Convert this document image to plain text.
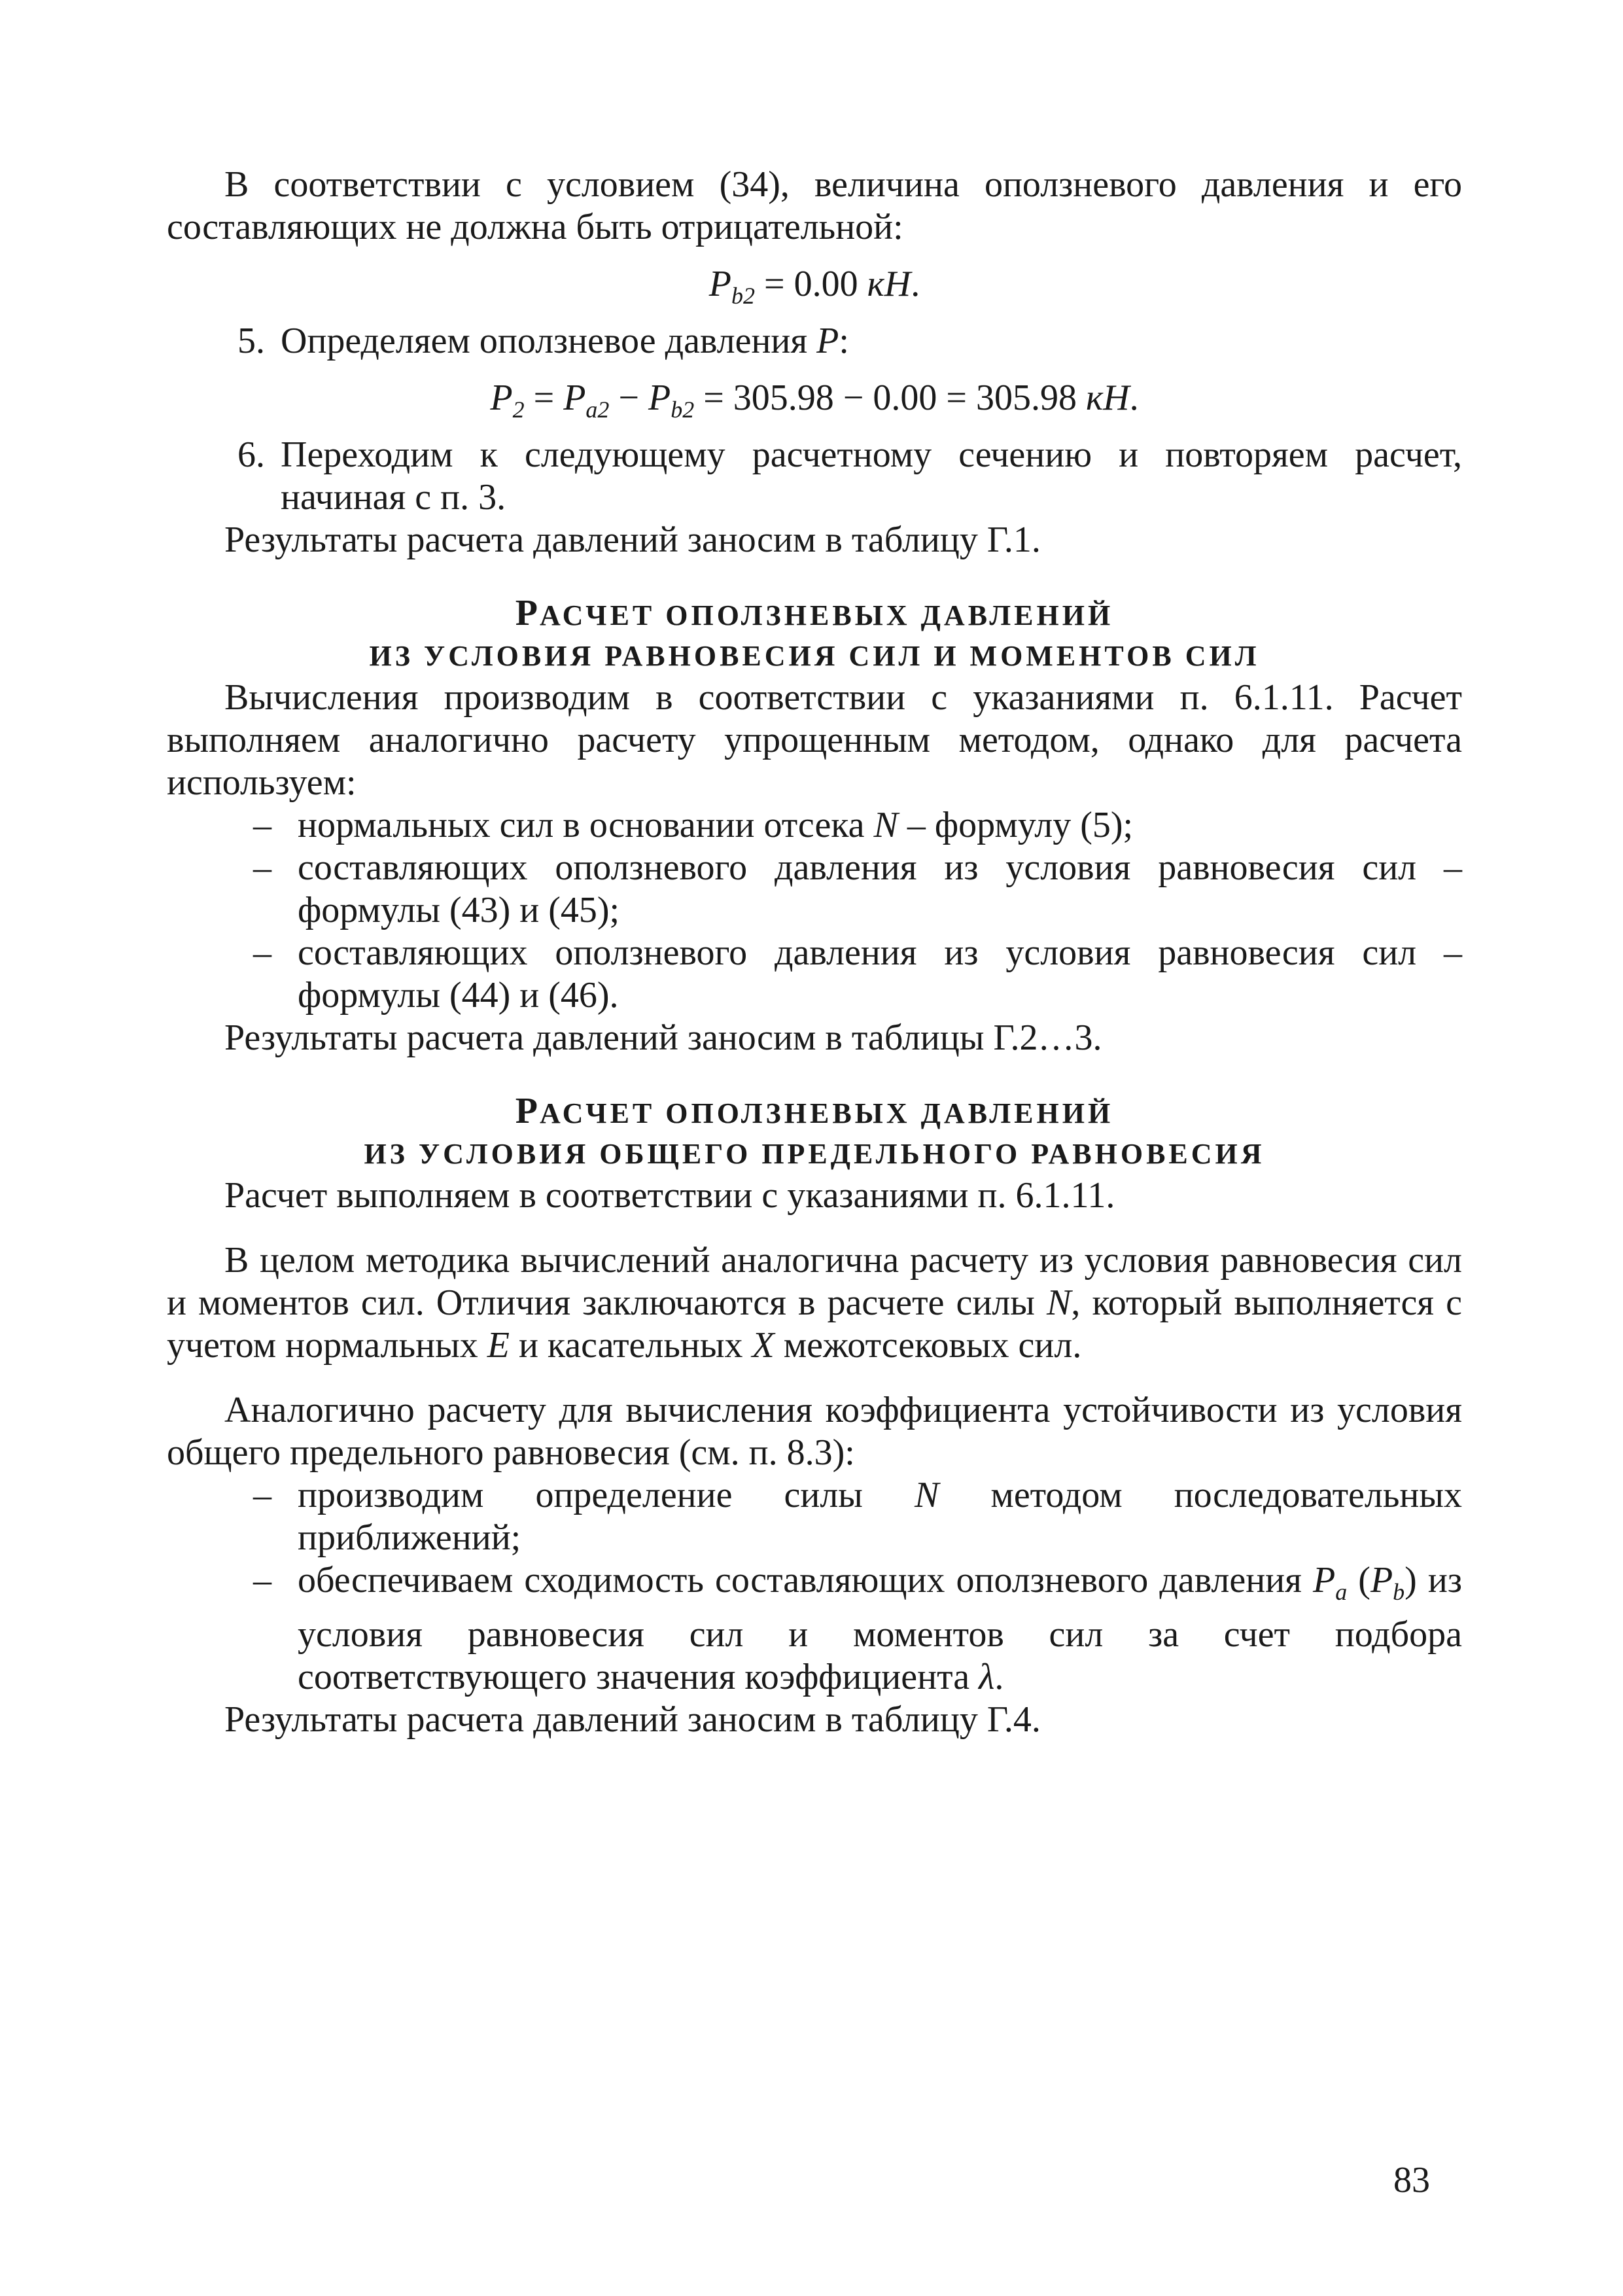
В соответствии с условием (34), величина оползневого давления и его составляющих не должна быть отрицательной:

$P_{b2} = 0.00$ кН.
5. Определяем оползневое давления P:
$P_2 = P_{a2} - P_{b2} = 305.98 - 0.00 = 305.98$ кН.
6. Переходим к следующему расчетному сечению и повторяем расчет, начиная с п. 3.

Результаты расчета давлений заносим в таблицу Г.1.

РАСЧЕТ ОПОЛЗНЕВЫХ ДАВЛЕНИЙ
ИЗ УСЛОВИЯ РАВНОВЕСИЯ СИЛ И МОМЕНТОВ СИЛ

Вычисления производим в соответствии с указаниями п. 6.1.11. Расчет выполняем аналогично расчету упрощенным методом, однако для расчета используем:

– нормальных сил в основании отсека N – формулу (5);
– составляющих оползневого давления из условия равновесия сил – формулы (43) и (45);
– составляющих оползневого давления из условия равновесия сил – формулы (44) и (46).

Результаты расчета давлений заносим в таблицы Г.2…3.

РАСЧЕТ ОПОЛЗНЕВЫХ ДАВЛЕНИЙ
ИЗ УСЛОВИЯ ОБЩЕГО ПРЕДЕЛЬНОГО РАВНОВЕСИЯ

Расчет выполняем в соответствии с указаниями п. 6.1.11.

В целом методика вычислений аналогична расчету из условия равновесия сил и моментов сил. Отличия заключаются в расчете силы N, который выполняется с учетом нормальных E и касательных X межотсековых сил.

Аналогично расчету для вычисления коэффициента устойчивости из условия общего предельного равновесия (см. п. 8.3):

– производим определение силы N методом последовательных приближений;
– обеспечиваем сходимость составляющих оползневого давления $P_a$ $(P_b)$ из условия равновесия сил и моментов сил за счет подбора соответствующего значения коэффициента λ.

Результаты расчета давлений заносим в таблицу Г.4.

83
